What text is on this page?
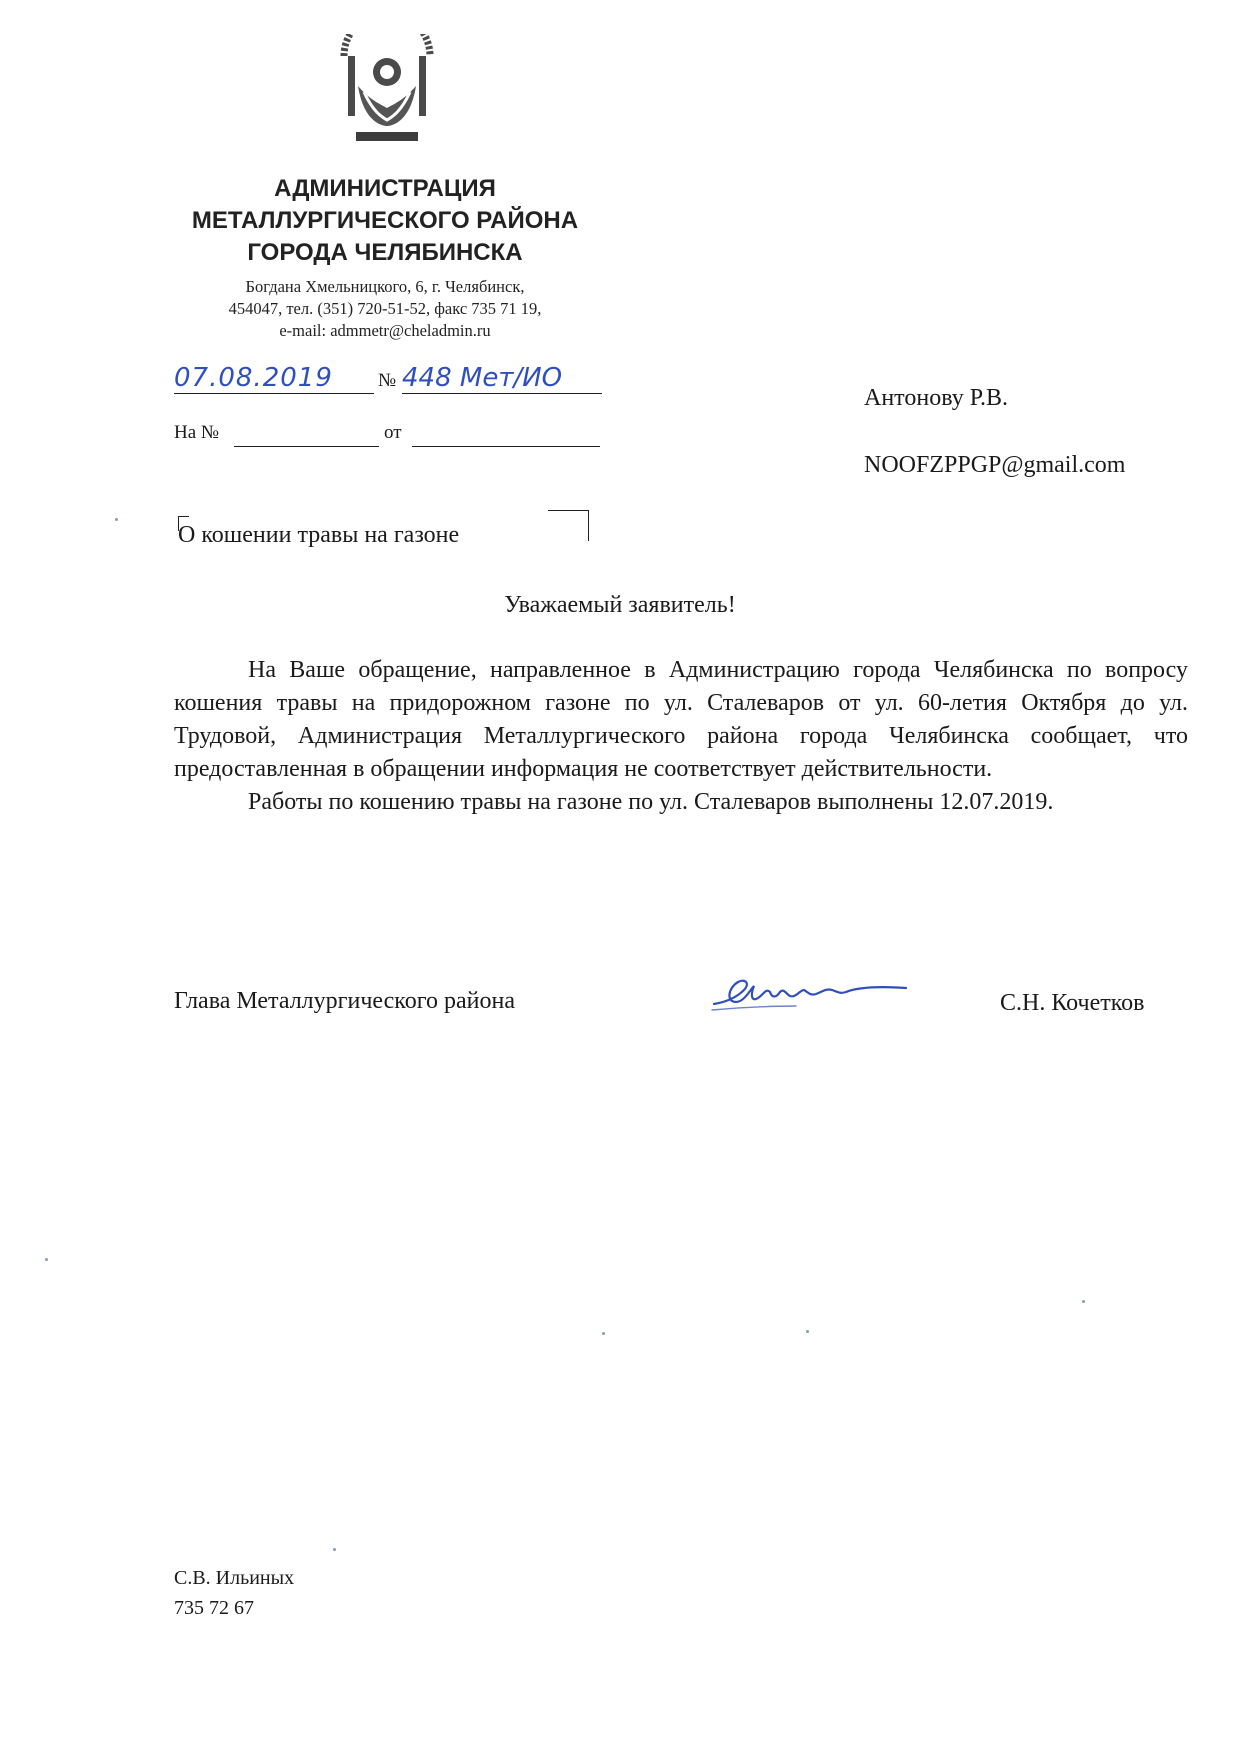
АДМИНИСТРАЦИЯ
МЕТАЛЛУРГИЧЕСКОГО РАЙОНА
ГОРОДА ЧЕЛЯБИНСКА
Богдана Хмельницкого, 6, г. Челябинск,
454047, тел. (351) 720-51-52, факс 735 71 19,
e-mail: admmetr@cheladmin.ru
07.08.2019	№ 448 Мет/ИО
На №	от
Антонову Р.В.
NOOFZPPGP@gmail.com
О кошении травы на газоне
Уважаемый заявитель!

На Ваше обращение, направленное в Администрацию города Челябинска по вопросу кошения травы на придорожном газоне по ул. Сталеваров от ул. 60-летия Октября до ул. Трудовой, Администрация Металлургического района города Челябинска сообщает, что предоставленная в обращении информация не соответствует действительности.

Работы по кошению травы на газоне по ул. Сталеваров выполнены 12.07.2019.

Глава Металлургического района	С.Н. Кочетков
С.В. Ильиных
735 72 67
